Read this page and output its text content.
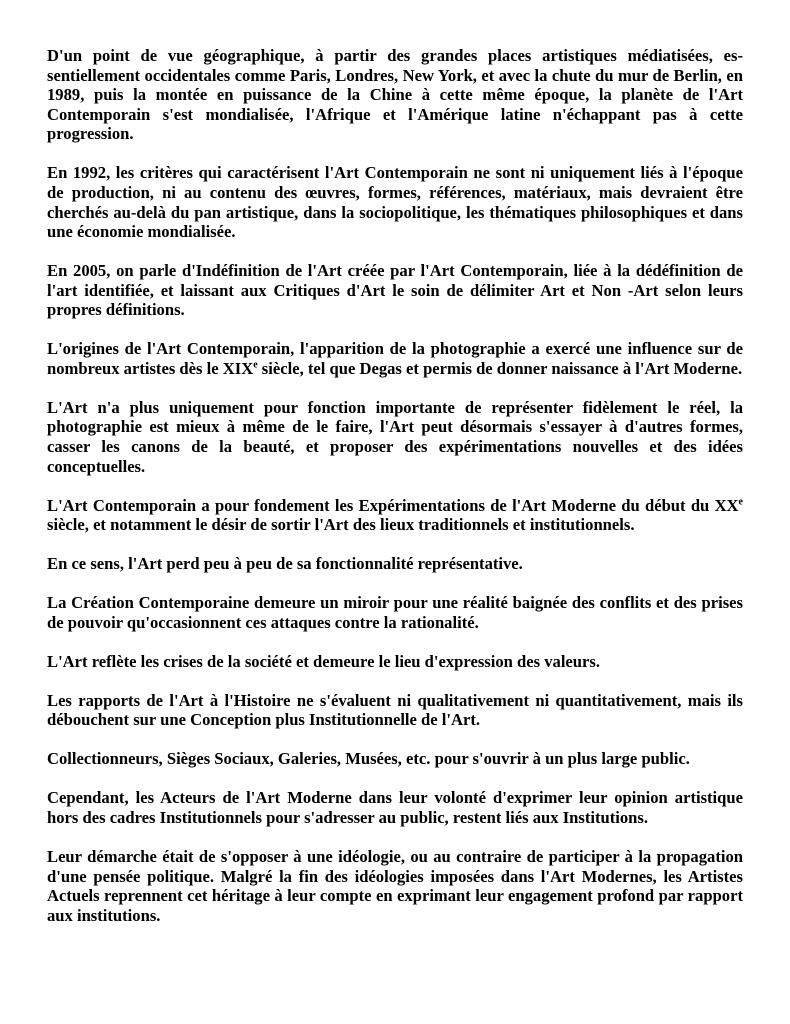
D'un point de vue géographique, à partir des grandes places artistiques médiatisées, essentiellement occidentales comme Paris, Londres, New York, et avec la chute du mur de Berlin, en 1989, puis la montée en puissance de la Chine à cette même époque, la planète de l'Art Contemporain s'est mondialisée, l'Afrique et l'Amérique latine n'échappant pas à cette progression.

En 1992, les critères qui caractérisent l'Art Contemporain ne sont ni uniquement liés à l'époque de production, ni au contenu des œuvres, formes, références, matériaux, mais devraient être cherchés au-delà du pan artistique, dans la sociopolitique, les thématiques philosophiques et dans une économie mondialisée.

En 2005, on parle d'Indéfinition de l'Art créée par l'Art Contemporain, liée à la dédéfinition de l'art identifiée, et laissant aux Critiques d'Art le soin de délimiter Art et Non -Art selon leurs propres définitions.

L'origines de l'Art Contemporain, l'apparition de la photographie a exercé une influence sur de nombreux artistes dès le XIXe siècle, tel que Degas et permis de donner naissance à l'Art Moderne.

L'Art n'a plus uniquement pour fonction importante de représenter fidèlement le réel, la photographie est mieux à même de le faire, l'Art peut désormais s'essayer à d'autres formes, casser les canons de la beauté, et proposer des expérimentations nouvelles et des idées conceptuelles.

L'Art Contemporain a pour fondement les Expérimentations de l'Art Moderne du début du XXe siècle, et notamment le désir de sortir l'Art des lieux traditionnels et institutionnels.

En ce sens, l'Art perd peu à peu de sa fonctionnalité représentative.

La Création Contemporaine demeure un miroir pour une réalité baignée des conflits et des prises de pouvoir qu'occasionnent ces attaques contre la rationalité.

L'Art reflète les crises de la société et demeure le lieu d'expression des valeurs.

Les rapports de l'Art à l'Histoire ne s'évaluent ni qualitativement ni quantitativement, mais ils débouchent sur une Conception plus Institutionnelle de l'Art.

Collectionneurs, Sièges Sociaux, Galeries, Musées, etc. pour s'ouvrir à un plus large public.

Cependant, les Acteurs de l'Art Moderne dans leur volonté d'exprimer leur opinion artistique hors des cadres Institutionnels pour s'adresser au public, restent liés aux Institutions.

Leur démarche était de s'opposer à une idéologie, ou au contraire de participer à la propagation d'une pensée politique. Malgré la fin des idéologies imposées dans l'Art Modernes, les Artistes Actuels reprennent cet héritage à leur compte en exprimant leur engagement profond par rapport aux institutions.
